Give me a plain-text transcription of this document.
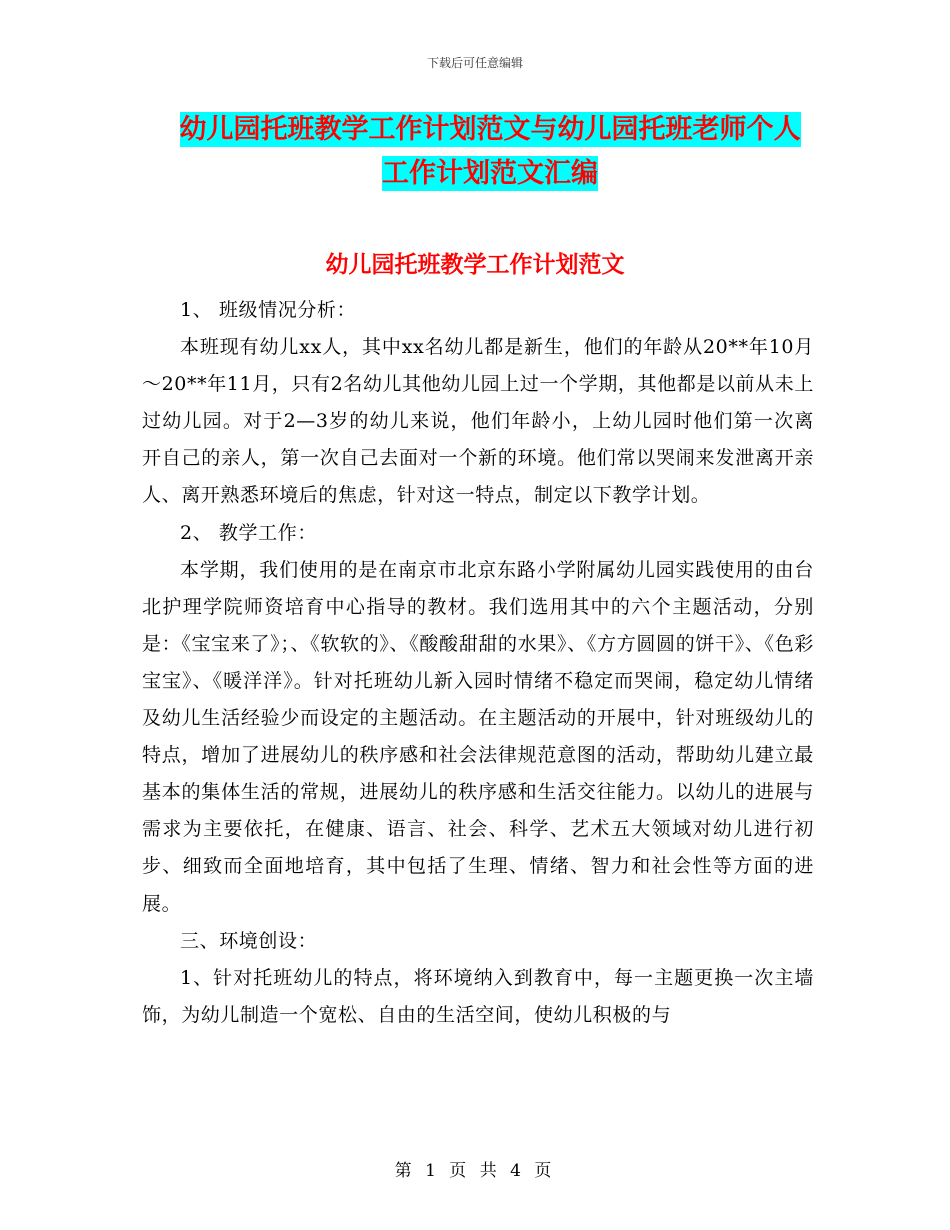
下载后可任意编辑
幼儿园托班教学工作计划范文与幼儿园托班老师个人
工作计划范文汇编
幼儿园托班教学工作计划范文

1、 班级情况分析：

本班现有幼儿xx人，其中xx名幼儿都是新生，他们的年龄从20**年10月～20**年11月，只有2名幼儿其他幼儿园上过一个学期，其他都是以前从未上过幼儿园。对于2—3岁的幼儿来说，他们年龄小，上幼儿园时他们第一次离开自己的亲人，第一次自己去面对一个新的环境。他们常以哭闹来发泄离开亲人、离开熟悉环境后的焦虑，针对这一特点，制定以下教学计划。

2、 教学工作：

本学期，我们使用的是在南京市北京东路小学附属幼儿园实践使用的由台北护理学院师资培育中心指导的教材。我们选用其中的六个主题活动，分别是：《宝宝来了》；、《软软的》、《酸酸甜甜的水果》、《方方圆圆的饼干》、《色彩宝宝》、《暖洋洋》。针对托班幼儿新入园时情绪不稳定而哭闹，稳定幼儿情绪及幼儿生活经验少而设定的主题活动。在主题活动的开展中，针对班级幼儿的特点，增加了进展幼儿的秩序感和社会法律规范意图的活动，帮助幼儿建立最基本的集体生活的常规，进展幼儿的秩序感和生活交往能力。以幼儿的进展与需求为主要依托，在健康、语言、社会、科学、艺术五大领域对幼儿进行初步、细致而全面地培育，其中包括了生理、情绪、智力和社会性等方面的进展。

三、环境创设：

1、针对托班幼儿的特点，将环境纳入到教育中，每一主题更换一次主墙饰，为幼儿制造一个宽松、自由的生活空间，使幼儿积极的与

第 1 页 共 4 页
